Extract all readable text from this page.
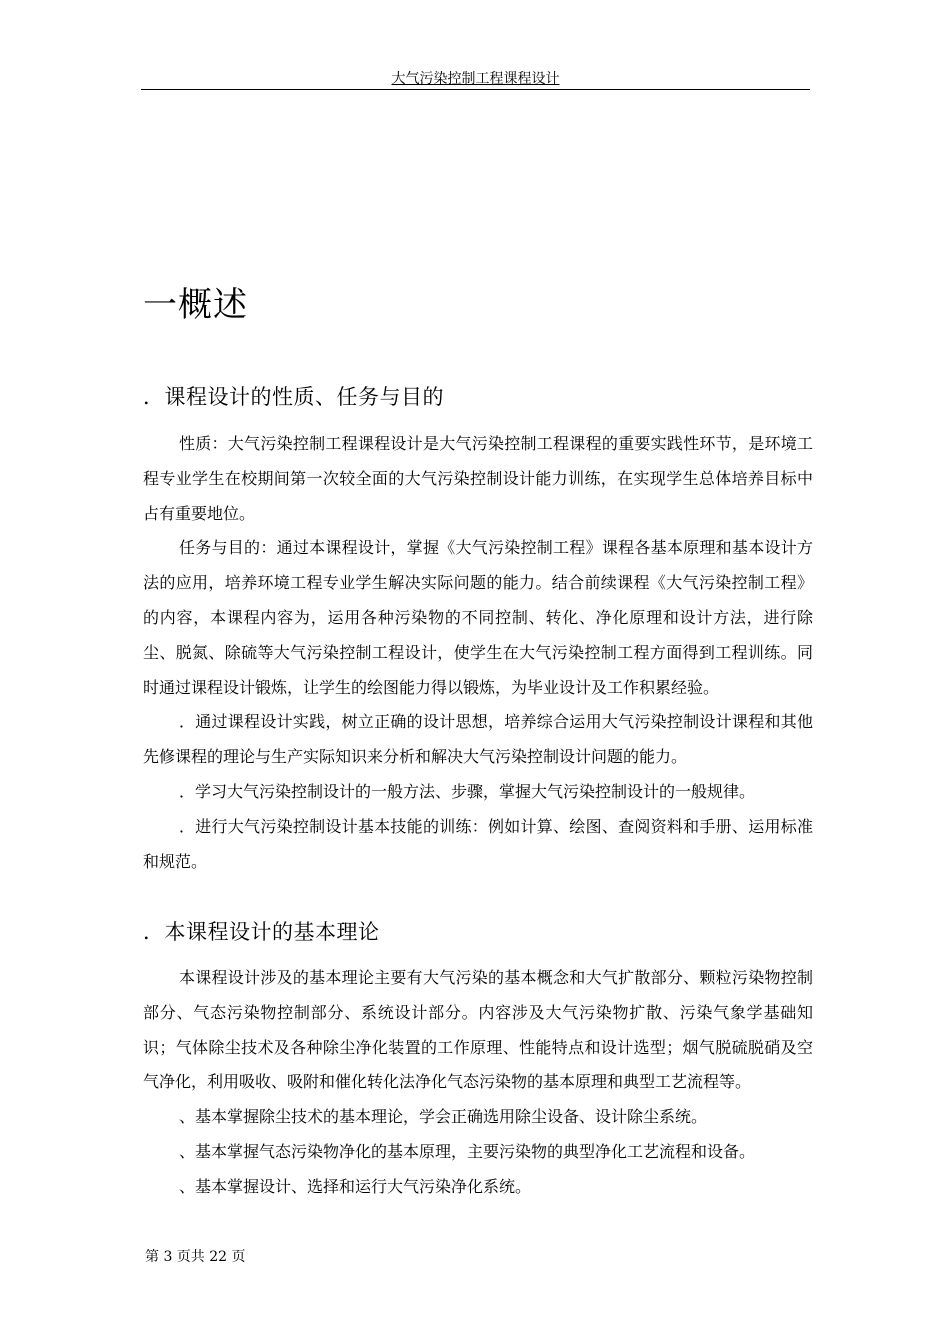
大气污染控制工程课程设计
一概述
．课程设计的性质、任务与目的

性质：大气污染控制工程课程设计是大气污染控制工程课程的重要实践性环节，是环境工程专业学生在校期间第一次较全面的大气污染控制设计能力训练，在实现学生总体培养目标中占有重要地位。

任务与目的：通过本课程设计，掌握《大气污染控制工程》课程各基本原理和基本设计方法的应用，培养环境工程专业学生解决实际问题的能力。结合前续课程《大气污染控制工程》的内容，本课程内容为，运用各种污染物的不同控制、转化、净化原理和设计方法，进行除尘、脱氮、除硫等大气污染控制工程设计，使学生在大气污染控制工程方面得到工程训练。同时通过课程设计锻炼，让学生的绘图能力得以锻炼，为毕业设计及工作积累经验。

．通过课程设计实践，树立正确的设计思想，培养综合运用大气污染控制设计课程和其他先修课程的理论与生产实际知识来分析和解决大气污染控制设计问题的能力。

．学习大气污染控制设计的一般方法、步骤，掌握大气污染控制设计的一般规律。

．进行大气污染控制设计基本技能的训练：例如计算、绘图、查阅资料和手册、运用标准和规范。

．本课程设计的基本理论

本课程设计涉及的基本理论主要有大气污染的基本概念和大气扩散部分、颗粒污染物控制部分、气态污染物控制部分、系统设计部分。内容涉及大气污染物扩散、污染气象学基础知识；气体除尘技术及各种除尘净化装置的工作原理、性能特点和设计选型；烟气脱硫脱硝及空气净化，利用吸收、吸附和催化转化法净化气态污染物的基本原理和典型工艺流程等。

、基本掌握除尘技术的基本理论，学会正确选用除尘设备、设计除尘系统。

、基本掌握气态污染物净化的基本原理，主要污染物的典型净化工艺流程和设备。

、基本掌握设计、选择和运行大气污染净化系统。

第 3 页共 22 页
